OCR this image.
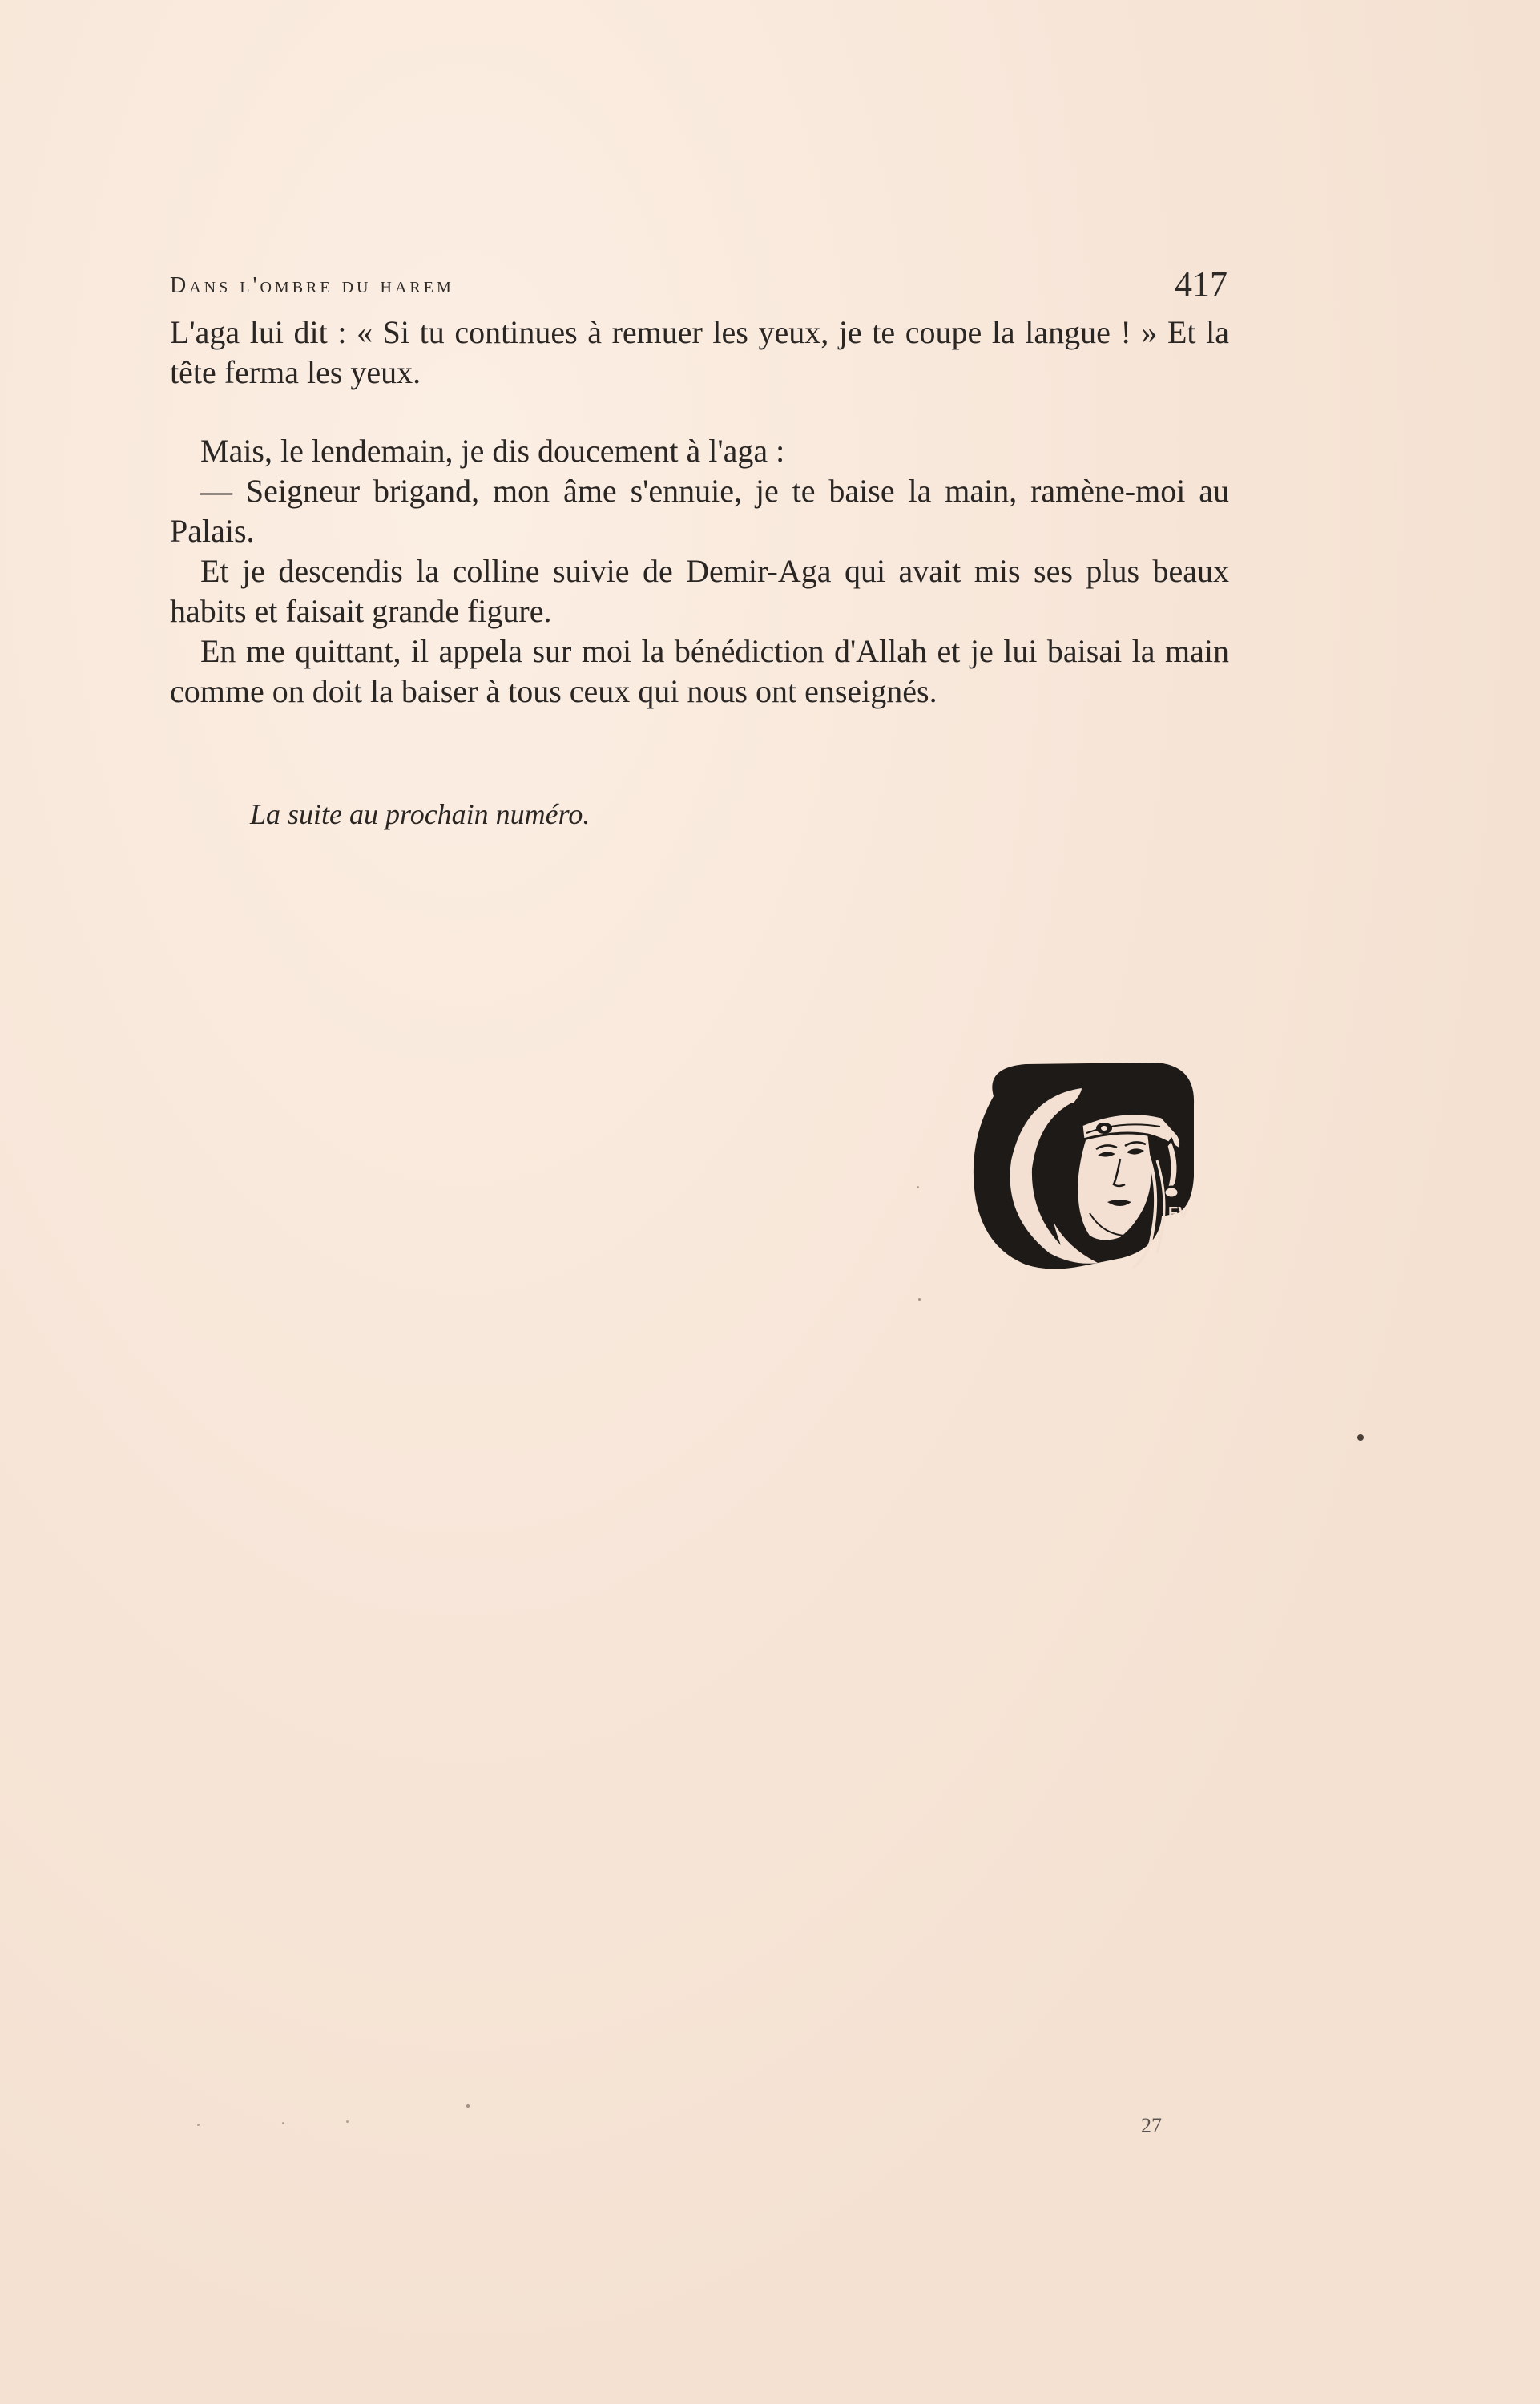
Dans l'ombre du harem	417

L'aga lui dit : « Si tu continues à remuer les yeux, je te coupe la langue ! » Et la tête ferma les yeux.

Mais, le lendemain, je dis doucement à l'aga :

— Seigneur brigand, mon âme s'ennuie, je te baise la main, ramène-moi au Palais.

Et je descendis la colline suivie de Demir-Aga qui avait mis ses plus beaux habits et faisait grande figure.

En me quittant, il appela sur moi la bénédiction d'Allah et je lui baisai la main comme on doit la baiser à tous ceux qui nous ont enseignés.

La suite au prochain numéro.
FV
27
